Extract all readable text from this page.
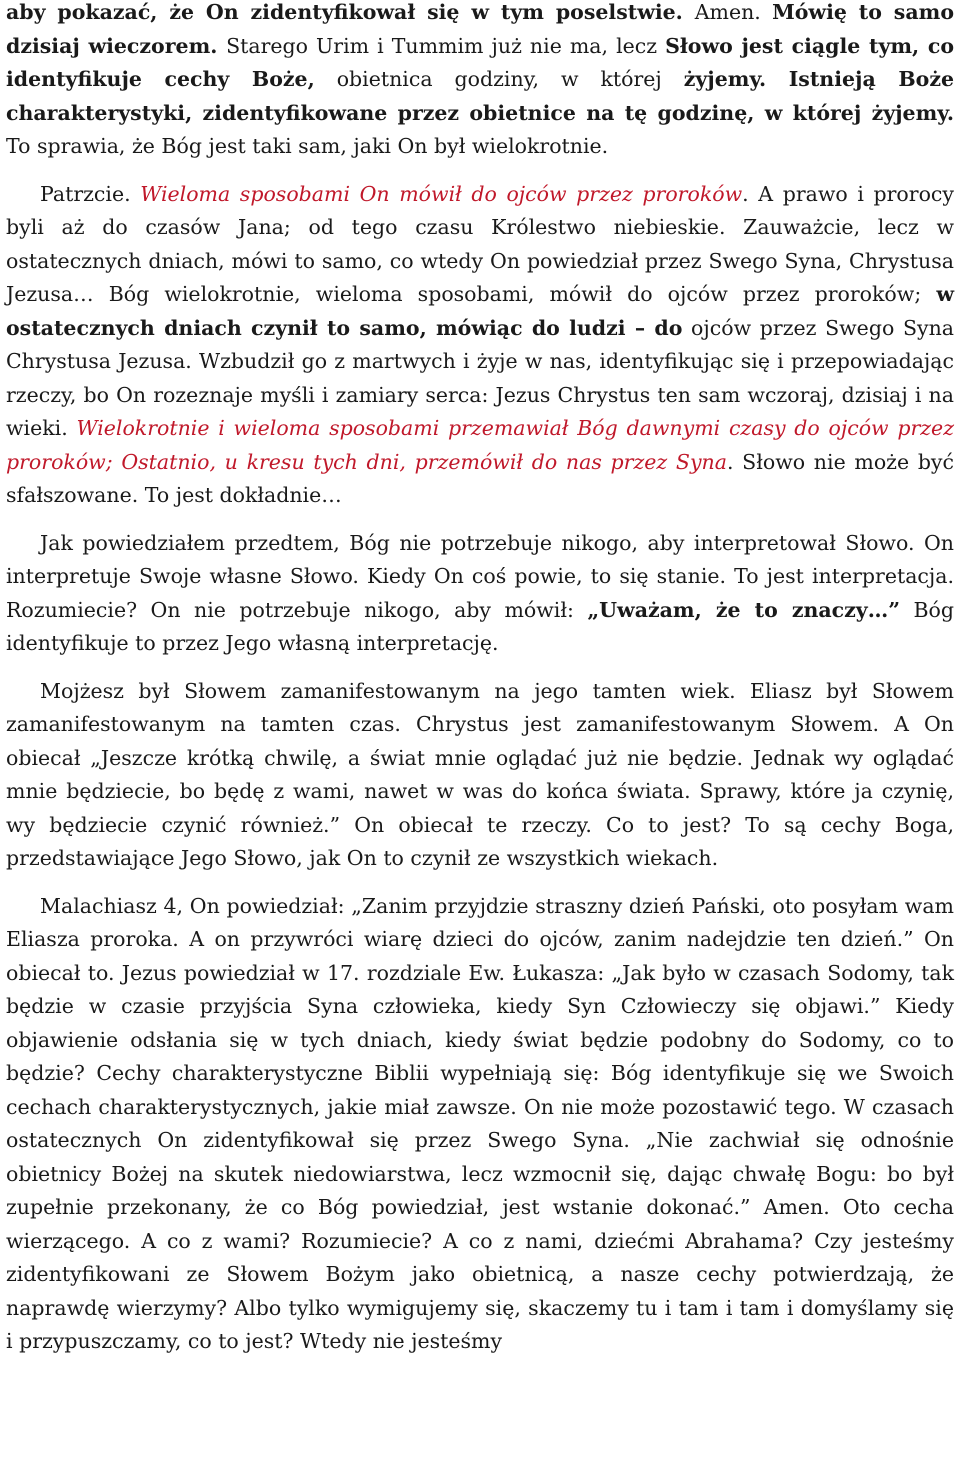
aby pokazać, że On zidentyfikował się w tym poselstwie. Amen. Mówię to samo dzisiaj wieczorem. Starego Urim i Tummim już nie ma, lecz Słowo jest ciągle tym, co identyfikuje cechy Boże, obietnica godziny, w której żyjemy. Istnieją Boże charakterystyki, zidentyfikowane przez obietnice na tę godzinę, w której żyjemy. To sprawia, że Bóg jest taki sam, jaki On był wielokrotnie.

Patrzcie. Wieloma sposobami On mówił do ojców przez proroków. A prawo i prorocy byli aż do czasów Jana; od tego czasu Królestwo niebieskie. Zauważcie, lecz w ostatecznych dniach, mówi to samo, co wtedy On powiedział przez Swego Syna, Chrystusa Jezusa… Bóg wielokrotnie, wieloma sposobami, mówił do ojców przez proroków; w ostatecznych dniach czynił to samo, mówiąc do ludzi – do ojców przez Swego Syna Chrystusa Jezusa. Wzbudził go z martwych i żyje w nas, identyfikując się i przepowiadając rzeczy, bo On rozeznaje myśli i zamiary serca: Jezus Chrystus ten sam wczoraj, dzisiaj i na wieki. Wielokrotnie i wieloma sposobami przemawiał Bóg dawnymi czasy do ojców przez proroków; Ostatnio, u kresu tych dni, przemówił do nas przez Syna. Słowo nie może być sfałszowane. To jest dokładnie…

Jak powiedziałem przedtem, Bóg nie potrzebuje nikogo, aby interpretował Słowo. On interpretuje Swoje własne Słowo. Kiedy On coś powie, to się stanie. To jest interpretacja. Rozumiecie? On nie potrzebuje nikogo, aby mówił: „Uważam, że to znaczy…” Bóg identyfikuje to przez Jego własną interpretację.

Mojżesz był Słowem zamanifestowanym na jego tamten wiek. Eliasz był Słowem zamanifestowanym na tamten czas. Chrystus jest zamanifestowanym Słowem. A On obiecał „Jeszcze krótką chwilę, a świat mnie oglądać już nie będzie. Jednak wy oglądać mnie będziecie, bo będę z wami, nawet w was do końca świata. Sprawy, które ja czynię, wy będziecie czynić również.” On obiecał te rzeczy. Co to jest? To są cechy Boga, przedstawiające Jego Słowo, jak On to czynił ze wszystkich wiekach.

Malachiasz 4, On powiedział: „Zanim przyjdzie straszny dzień Pański, oto posyłam wam Eliasza proroka. A on przywróci wiarę dzieci do ojców, zanim nadejdzie ten dzień.” On obiecał to. Jezus powiedział w 17. rozdziale Ew. Łukasza: „Jak było w czasach Sodomy, tak będzie w czasie przyjścia Syna człowieka, kiedy Syn Człowieczy się objawi.” Kiedy objawienie odsłania się w tych dniach, kiedy świat będzie podobny do Sodomy, co to będzie? Cechy charakterystyczne Biblii wypełniają się: Bóg identyfikuje się we Swoich cechach charakterystycznych, jakie miał zawsze. On nie może pozostawić tego. W czasach ostatecznych On zidentyfikował się przez Swego Syna. „Nie zachwiał się odnośnie obietnicy Bożej na skutek niedowiarstwa, lecz wzmocnił się, dając chwałę Bogu: bo był zupełnie przekonany, że co Bóg powiedział, jest wstanie dokonać.” Amen. Oto cecha wierzącego. A co z wami? Rozumiecie? A co z nami, dziećmi Abrahama? Czy jesteśmy zidentyfikowani ze Słowem Bożym jako obietnicą, a nasze cechy potwierdzają, że naprawdę wierzymy? Albo tylko wymigujemy się, skaczemy tu i tam i tam i domyślamy się i przypuszczamy, co to jest? Wtedy nie jesteśmy
